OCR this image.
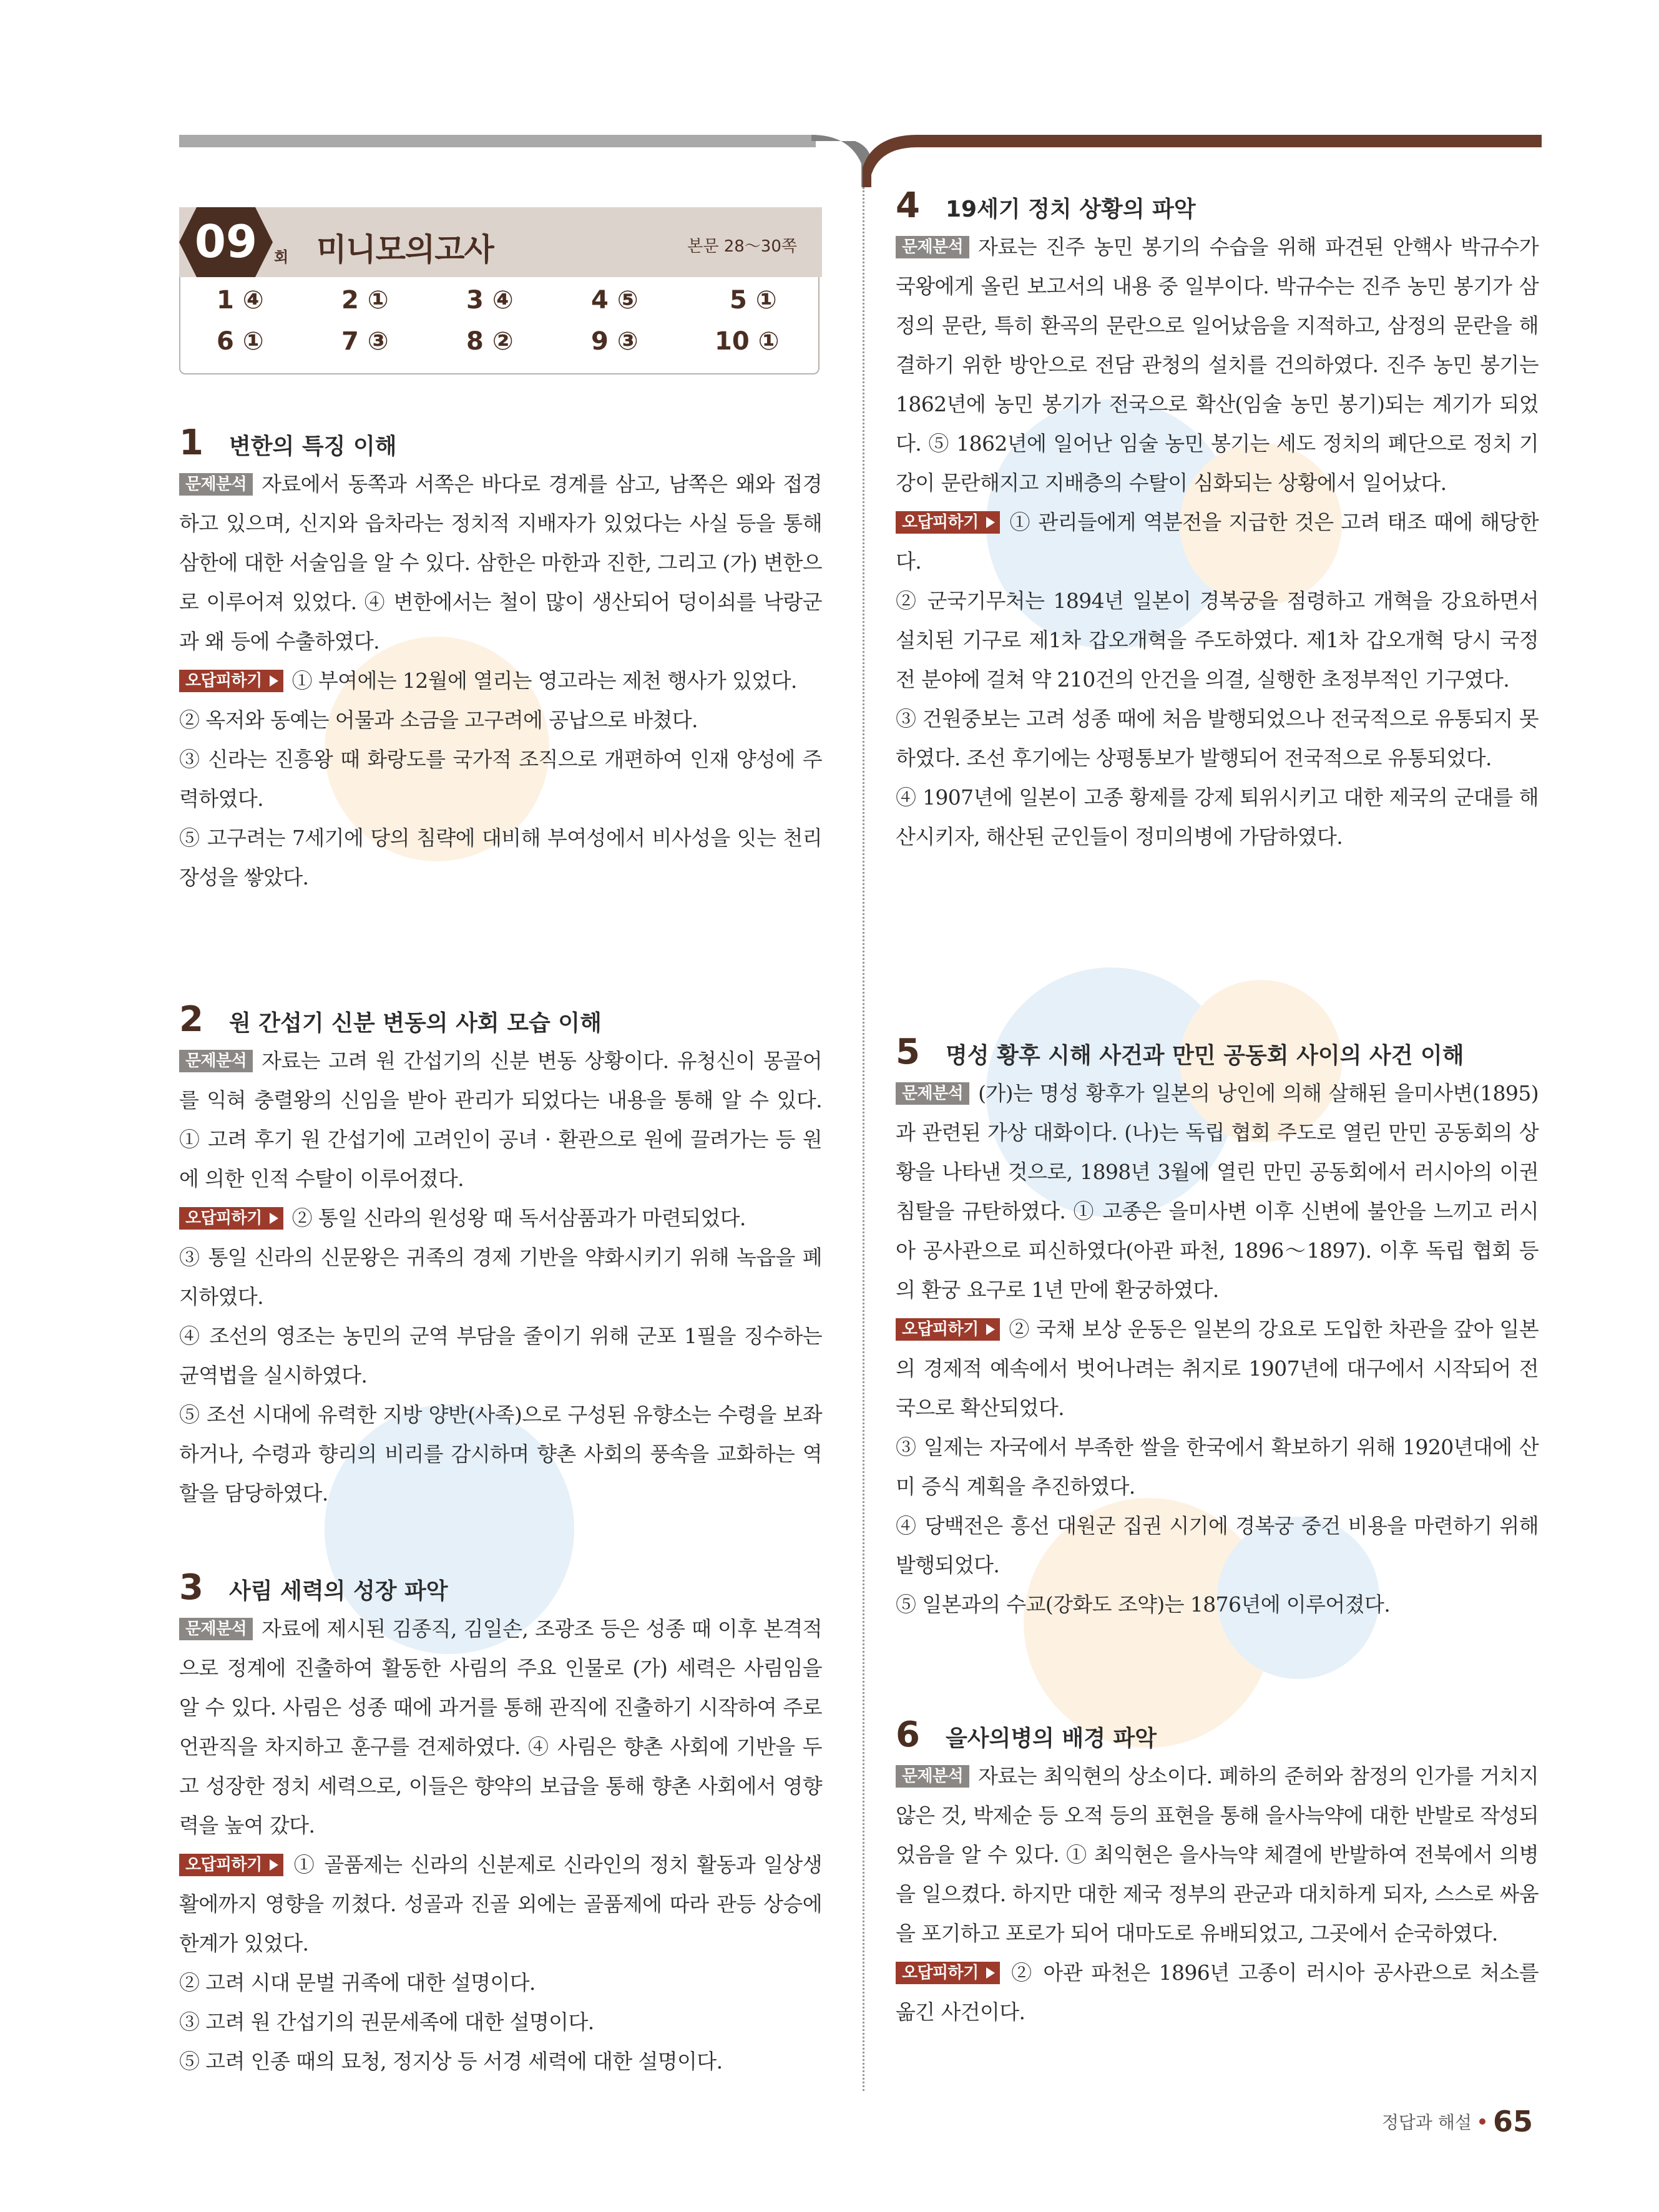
09 회 미니모의고사	본문 28～30쪽
1 ④	2 ①	3 ④	4 ⑤	5 ①
6 ①	7 ③	8 ②	9 ③	10 ①
1	변한의 특징 이해

문제분석 자료에서 동쪽과 서쪽은 바다로 경계를 삼고, 남쪽은 왜와 접경하고 있으며, 신지와 읍차라는 정치적 지배자가 있었다는 사실 등을 통해 삼한에 대한 서술임을 알 수 있다. 삼한은 마한과 진한, 그리고 (가) 변한으로 이루어져 있었다. ④ 변한에서는 철이 많이 생산되어 덩이쇠를 낙랑군과 왜 등에 수출하였다.

오답피하기 ① 부여에는 12월에 열리는 영고라는 제천 행사가 있었다.

② 옥저와 동예는 어물과 소금을 고구려에 공납으로 바쳤다.

③ 신라는 진흥왕 때 화랑도를 국가적 조직으로 개편하여 인재 양성에 주력하였다.

⑤ 고구려는 7세기에 당의 침략에 대비해 부여성에서 비사성을 잇는 천리장성을 쌓았다.

2	원 간섭기 신분 변동의 사회 모습 이해

문제분석 자료는 고려 원 간섭기의 신분 변동 상황이다. 유청신이 몽골어를 익혀 충렬왕의 신임을 받아 관리가 되었다는 내용을 통해 알 수 있다. ① 고려 후기 원 간섭기에 고려인이 공녀 · 환관으로 원에 끌려가는 등 원에 의한 인적 수탈이 이루어졌다.

오답피하기 ② 통일 신라의 원성왕 때 독서삼품과가 마련되었다.

③ 통일 신라의 신문왕은 귀족의 경제 기반을 약화시키기 위해 녹읍을 폐지하였다.

④ 조선의 영조는 농민의 군역 부담을 줄이기 위해 군포 1필을 징수하는 균역법을 실시하였다.

⑤ 조선 시대에 유력한 지방 양반(사족)으로 구성된 유향소는 수령을 보좌하거나, 수령과 향리의 비리를 감시하며 향촌 사회의 풍속을 교화하는 역할을 담당하였다.

3	사림 세력의 성장 파악

문제분석 자료에 제시된 김종직, 김일손, 조광조 등은 성종 때 이후 본격적으로 정계에 진출하여 활동한 사림의 주요 인물로 (가) 세력은 사림임을 알 수 있다. 사림은 성종 때에 과거를 통해 관직에 진출하기 시작하여 주로 언관직을 차지하고 훈구를 견제하였다. ④ 사림은 향촌 사회에 기반을 두고 성장한 정치 세력으로, 이들은 향약의 보급을 통해 향촌 사회에서 영향력을 높여 갔다.

오답피하기 ① 골품제는 신라의 신분제로 신라인의 정치 활동과 일상생활에까지 영향을 끼쳤다. 성골과 진골 외에는 골품제에 따라 관등 상승에 한계가 있었다.

② 고려 시대 문벌 귀족에 대한 설명이다.

③ 고려 원 간섭기의 권문세족에 대한 설명이다.

⑤ 고려 인종 때의 묘청, 정지상 등 서경 세력에 대한 설명이다.

4	19세기 정치 상황의 파악

문제분석 자료는 진주 농민 봉기의 수습을 위해 파견된 안핵사 박규수가 국왕에게 올린 보고서의 내용 중 일부이다. 박규수는 진주 농민 봉기가 삼정의 문란, 특히 환곡의 문란으로 일어났음을 지적하고, 삼정의 문란을 해결하기 위한 방안으로 전담 관청의 설치를 건의하였다. 진주 농민 봉기는 1862년에 농민 봉기가 전국으로 확산(임술 농민 봉기)되는 계기가 되었다. ⑤ 1862년에 일어난 임술 농민 봉기는 세도 정치의 폐단으로 정치 기강이 문란해지고 지배층의 수탈이 심화되는 상황에서 일어났다.

오답피하기 ① 관리들에게 역분전을 지급한 것은 고려 태조 때에 해당한다.

② 군국기무처는 1894년 일본이 경복궁을 점령하고 개혁을 강요하면서 설치된 기구로 제1차 갑오개혁을 주도하였다. 제1차 갑오개혁 당시 국정 전 분야에 걸쳐 약 210건의 안건을 의결, 실행한 초정부적인 기구였다.

③ 건원중보는 고려 성종 때에 처음 발행되었으나 전국적으로 유통되지 못하였다. 조선 후기에는 상평통보가 발행되어 전국적으로 유통되었다.

④ 1907년에 일본이 고종 황제를 강제 퇴위시키고 대한 제국의 군대를 해산시키자, 해산된 군인들이 정미의병에 가담하였다.

5	명성 황후 시해 사건과 만민 공동회 사이의 사건 이해

문제분석 (가)는 명성 황후가 일본의 낭인에 의해 살해된 을미사변(1895)과 관련된 가상 대화이다. (나)는 독립 협회 주도로 열린 만민 공동회의 상황을 나타낸 것으로, 1898년 3월에 열린 만민 공동회에서 러시아의 이권 침탈을 규탄하였다. ① 고종은 을미사변 이후 신변에 불안을 느끼고 러시아 공사관으로 피신하였다(아관 파천, 1896～1897). 이후 독립 협회 등의 환궁 요구로 1년 만에 환궁하였다.

오답피하기 ② 국채 보상 운동은 일본의 강요로 도입한 차관을 갚아 일본의 경제적 예속에서 벗어나려는 취지로 1907년에 대구에서 시작되어 전국으로 확산되었다.

③ 일제는 자국에서 부족한 쌀을 한국에서 확보하기 위해 1920년대에 산미 증식 계획을 추진하였다.

④ 당백전은 흥선 대원군 집권 시기에 경복궁 중건 비용을 마련하기 위해 발행되었다.

⑤ 일본과의 수교(강화도 조약)는 1876년에 이루어졌다.

6	을사의병의 배경 파악

문제분석 자료는 최익현의 상소이다. 폐하의 준허와 참정의 인가를 거치지 않은 것, 박제순 등 오적 등의 표현을 통해 을사늑약에 대한 반발로 작성되었음을 알 수 있다. ① 최익현은 을사늑약 체결에 반발하여 전북에서 의병을 일으켰다. 하지만 대한 제국 정부의 관군과 대치하게 되자, 스스로 싸움을 포기하고 포로가 되어 대마도로 유배되었고, 그곳에서 순국하였다.

오답피하기 ② 아관 파천은 1896년 고종이 러시아 공사관으로 처소를 옮긴 사건이다.

정답과 해설 65
